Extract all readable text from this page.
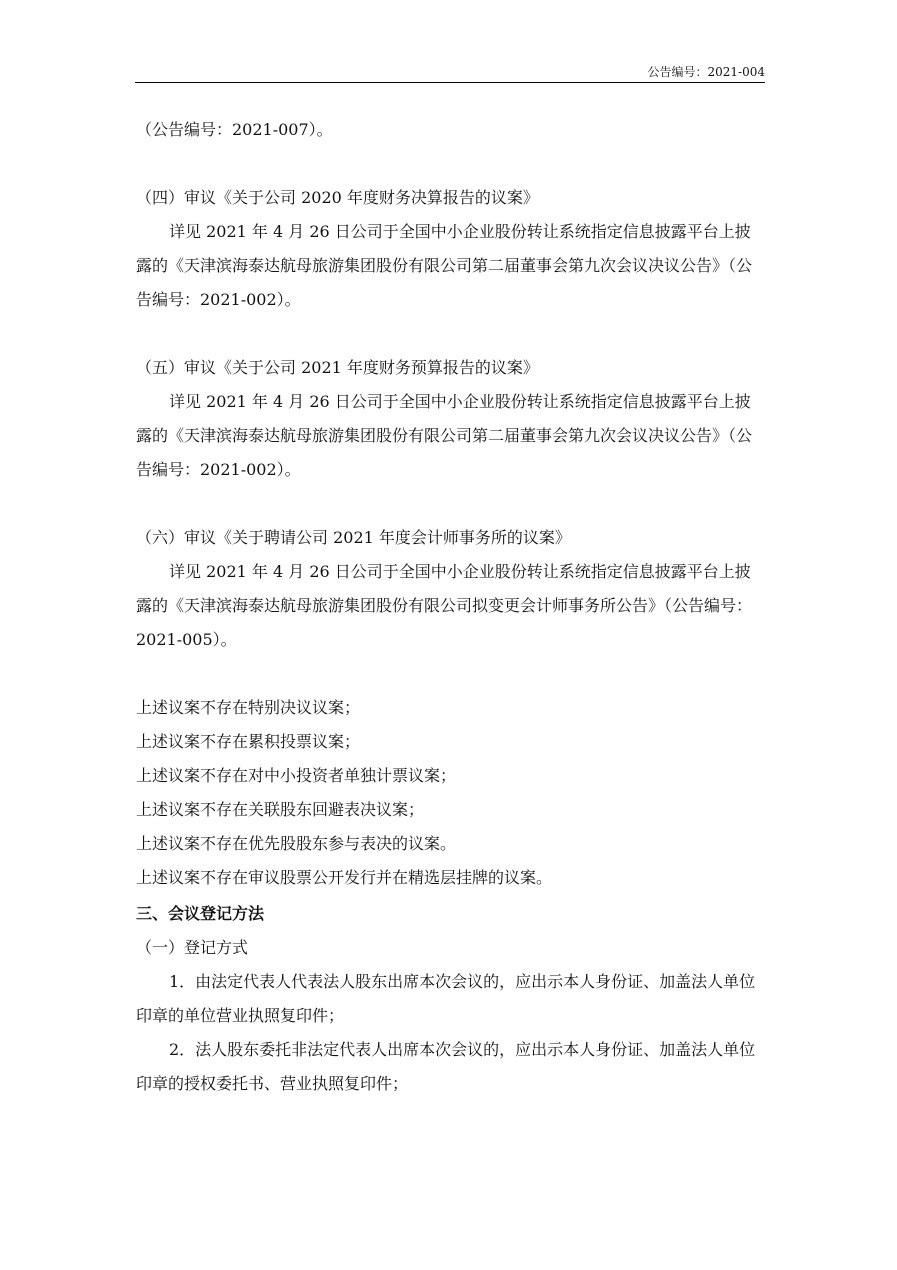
公告编号：2021-004

（公告编号：2021-007）。

（四）审议《关于公司 2020 年度财务决算报告的议案》

详见 2021 年 4 月 26 日公司于全国中小企业股份转让系统指定信息披露平台上披露的《天津滨海泰达航母旅游集团股份有限公司第二届董事会第九次会议决议公告》（公告编号：2021-002）。

（五）审议《关于公司 2021 年度财务预算报告的议案》

详见 2021 年 4 月 26 日公司于全国中小企业股份转让系统指定信息披露平台上披露的《天津滨海泰达航母旅游集团股份有限公司第二届董事会第九次会议决议公告》（公告编号：2021-002）。

（六）审议《关于聘请公司 2021 年度会计师事务所的议案》

详见 2021 年 4 月 26 日公司于全国中小企业股份转让系统指定信息披露平台上披露的《天津滨海泰达航母旅游集团股份有限公司拟变更会计师事务所公告》（公告编号：2021-005）。

上述议案不存在特别决议议案；

上述议案不存在累积投票议案；

上述议案不存在对中小投资者单独计票议案；

上述议案不存在关联股东回避表决议案；

上述议案不存在优先股股东参与表决的议案。

上述议案不存在审议股票公开发行并在精选层挂牌的议案。

三、会议登记方法

（一）登记方式

1．由法定代表人代表法人股东出席本次会议的，应出示本人身份证、加盖法人单位印章的单位营业执照复印件；

2．法人股东委托非法定代表人出席本次会议的，应出示本人身份证、加盖法人单位印章的授权委托书、营业执照复印件；
